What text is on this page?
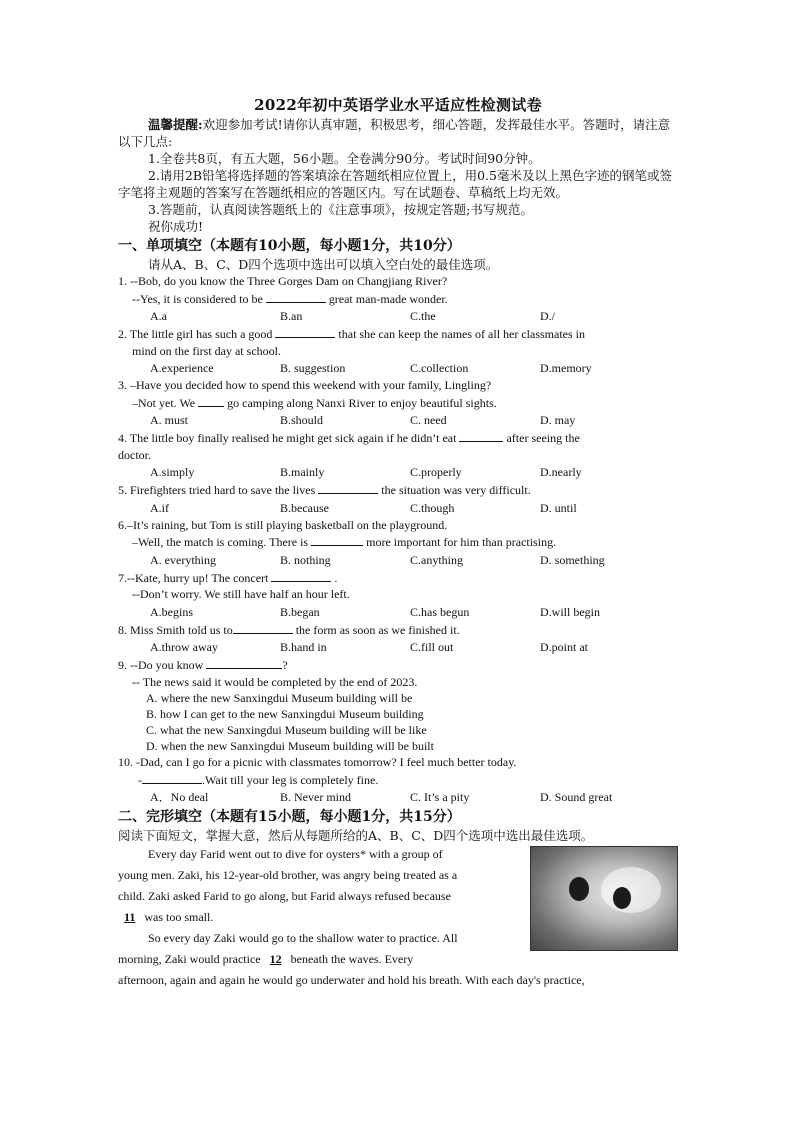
2022年初中英语学业水平适应性检测试卷

温馨提醒:欢迎参加考试!请你认真审题，积极思考，细心答题，发挥最佳水平。答题时，请注意以下几点:

1.全卷共8页，有五大题，56小题。全卷满分90分。考试时间90分钟。

2.请用2B铅笔将选择题的答案填涂在答题纸相应位置上，用0.5毫米及以上黑色字迹的钢笔或签字笔将主观题的答案写在答题纸相应的答题区内。写在试题卷、草稿纸上均无效。

3.答题前，认真阅读答题纸上的《注意事项》，按规定答题;书写规范。

祝你成功!

一、单项填空（本题有10小题，每小题1分，共10分）

请从A、B、C、D四个选项中选出可以填入空白处的最佳选项。

1. --Bob, do you know the Three Gorges Dam on Changjiang River?

--Yes, it is considered to be	great man-made wonder.

A.a	B.an	C.the	D./

2. The little girl has such a good	that she can keep the names of all her classmates in

mind on the first day at school.

A.experience	B. suggestion	C.collection	D.memory

3. –Have you decided how to spend this weekend with your family, Lingling?

–Not yet. We	go camping along Nanxi River to enjoy beautiful sights.

A. must	B.should	C. need	D. may

4. The little boy finally realised he might get sick again if he didn’t eat	after seeing the

doctor.

A.simply	B.mainly	C.properly	D.nearly

5. Firefighters tried hard to save the lives	the situation was very difficult.

A.if	B.because	C.though	D. until

6.–It’s raining, but Tom is still playing basketball on the playground.

–Well, the match is coming. There is	more important for him than practising.

A. everything	B. nothing	C.anything	D. something

7.--Kate, hurry up! The concert	.

--Don’t worry. We still have half an hour left.

A.begins	B.began	C.has begun	D.will begin

8. Miss Smith told us to	the form as soon as we finished it.

A.throw away	B.hand in	C.fill out	D.point at

9. --Do you know	?

-- The news said it would be completed by the end of 2023.

A. where the new Sanxingdui Museum building will be
B. how I can get to the new Sanxingdui Museum building
C. what the new Sanxingdui Museum building will be like
D. when the new Sanxingdui Museum building will be built

10. -Dad, can I go for a picnic with classmates tomorrow? I feel much better today.

-	.Wait till your leg is completely fine.

A．No deal	B. Never mind	C. It’s a pity	D. Sound great
二、完形填空（本题有15小题，每小题1分，共15分）

阅读下面短文，掌握大意，然后从每题所给的A、B、C、D四个选项中选出最佳选项。

Every day Farid went out to dive for oysters* with a group of

young men. Zaki, his 12-year-old brother, was angry being treated as a

child. Zaki asked Farid to go along, but Farid always refused because

11 was too small.

So every day Zaki would go to the shallow water to practice. All

morning, Zaki would practice 12 beneath the waves. Every

afternoon, again and again he would go underwater and hold his breath. With each day's practice,
